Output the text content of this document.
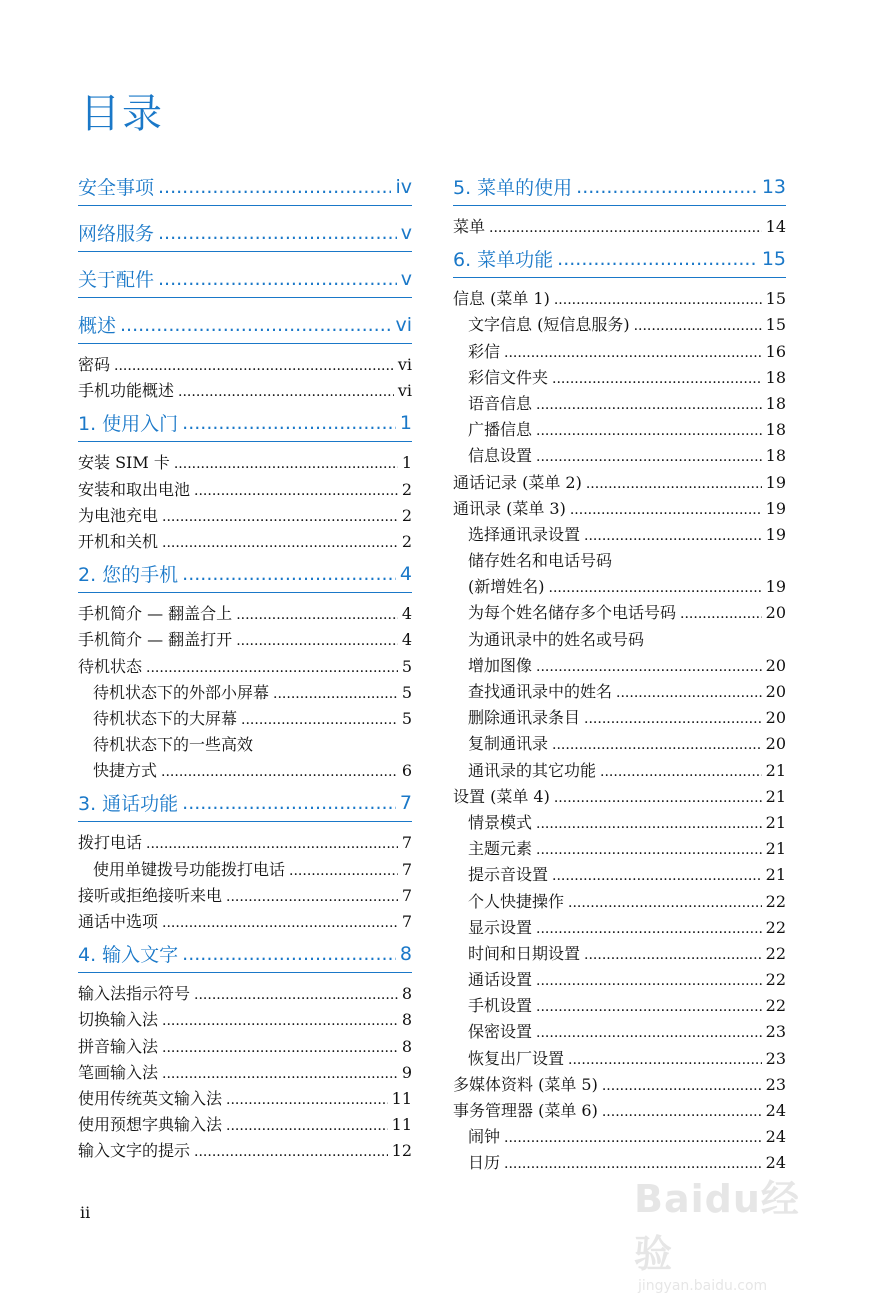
目录
安全事项 .....	iv
网络服务 .....	v
关于配件 .....	v
概述 .....	vi
密码 .....	vi
手机功能概述 .....	vi
1. 使用入门 .....	1
安装 SIM 卡 .....	1
安装和取出电池 .....	2
为电池充电 .....	2
开机和关机 .....	2
2. 您的手机 .....	4
手机简介 — 翻盖合上 .....	4
手机简介 — 翻盖打开 .....	4
待机状态 .....	5
待机状态下的外部小屏幕 .....	5
待机状态下的大屏幕 .....	5
待机状态下的一些高效
快捷方式 .....	6
3. 通话功能 .....	7
拨打电话 .....	7
使用单键拨号功能拨打电话 .....	7
接听或拒绝接听来电 .....	7
通话中选项 .....	7
4. 输入文字 .....	8
输入法指示符号 .....	8
切换输入法 .....	8
拼音输入法 .....	8
笔画输入法 .....	9
使用传统英文输入法 .....	11
使用预想字典输入法 .....	11
输入文字的提示 .....	12
5. 菜单的使用 .....	13
菜单 .....	14
6. 菜单功能 .....	15
信息 (菜单 1) .....	15
文字信息 (短信息服务) .....	15
彩信 .....	16
彩信文件夹 .....	18
语音信息 .....	18
广播信息 .....	18
信息设置 .....	18
通话记录 (菜单 2) .....	19
通讯录 (菜单 3) .....	19
选择通讯录设置 .....	19
储存姓名和电话号码
(新增姓名) .....	19
为每个姓名储存多个电话号码 .....	20
为通讯录中的姓名或号码
增加图像 .....	20
查找通讯录中的姓名 .....	20
删除通讯录条目 .....	20
复制通讯录 .....	20
通讯录的其它功能 .....	21
设置 (菜单 4) .....	21
情景模式 .....	21
主题元素 .....	21
提示音设置 .....	21
个人快捷操作 .....	22
显示设置 .....	22
时间和日期设置 .....	22
通话设置 .....	22
手机设置 .....	22
保密设置 .....	23
恢复出厂设置 .....	23
多媒体资料 (菜单 5) .....	23
事务管理器 (菜单 6) .....	24
闹钟 .....	24
日历 .....	24
ii	Baidu经验
jingyan.baidu.com
